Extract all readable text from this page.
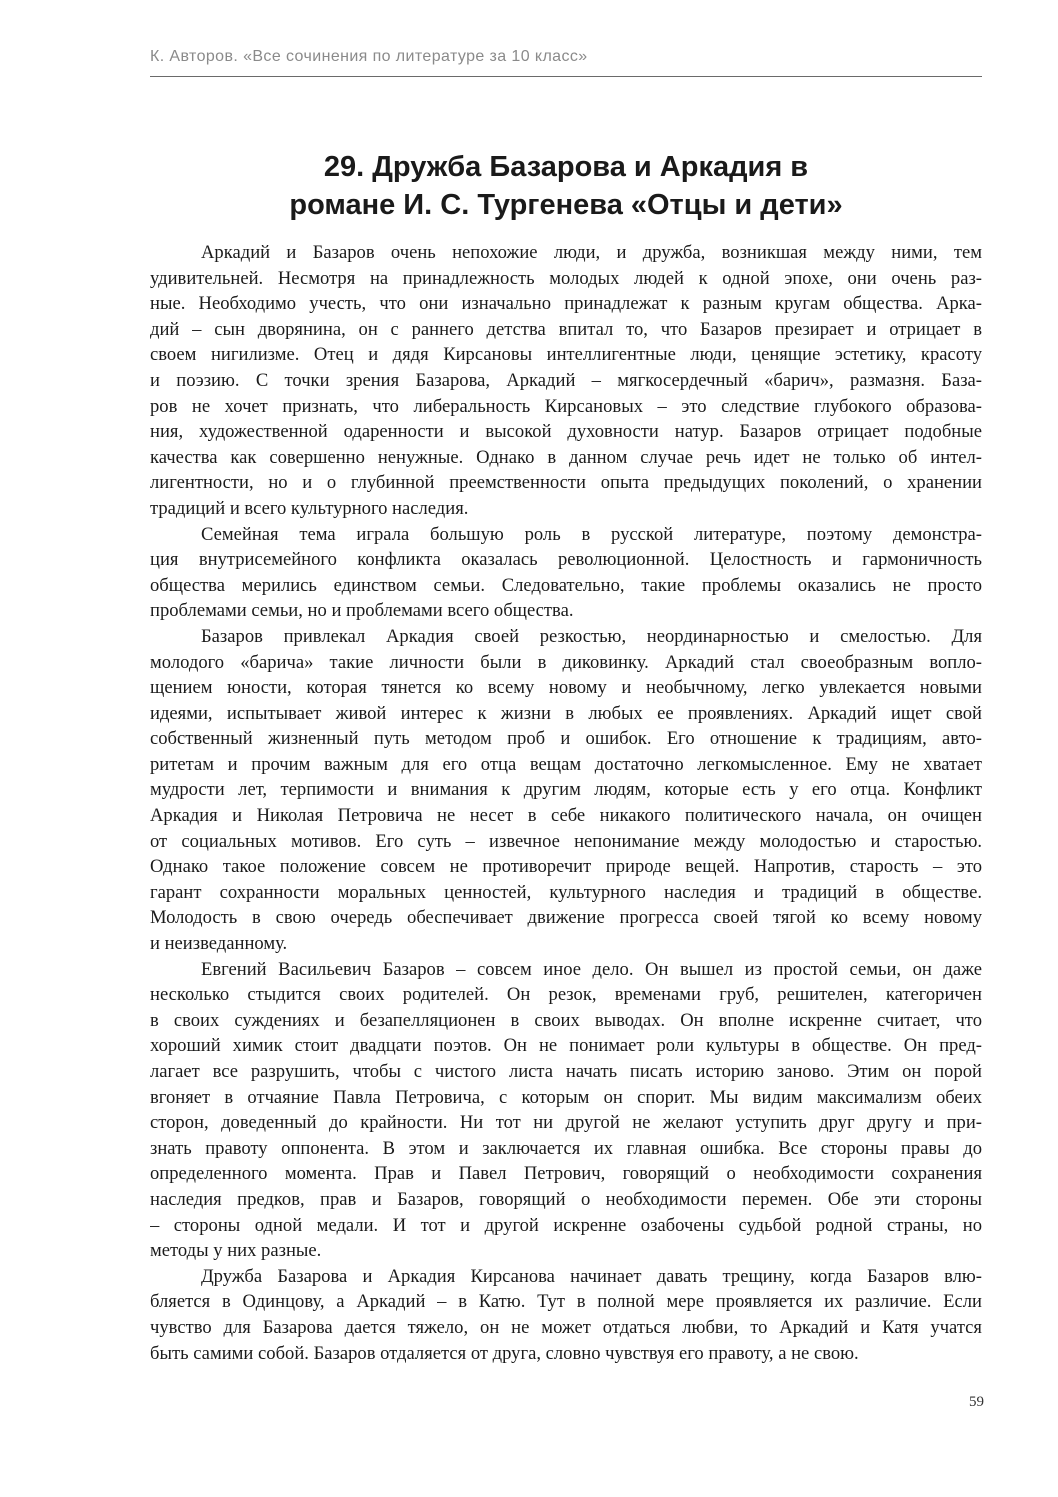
К. Авторов. «Все сочинения по литературе за 10 класс»
29. Дружба Базарова и Аркадия в
романе И. С. Тургенева «Отцы и дети»
Аркадий и Базаров очень непохожие люди, и дружба, возникшая между ними, тем
удивительней. Несмотря на принадлежность молодых людей к одной эпохе, они очень раз-
ные. Необходимо учесть, что они изначально принадлежат к разным кругам общества. Арка-
дий – сын дворянина, он с раннего детства впитал то, что Базаров презирает и отрицает в
своем нигилизме. Отец и дядя Кирсановы интеллигентные люди, ценящие эстетику, красоту
и поэзию. С точки зрения Базарова, Аркадий – мягкосердечный «барич», размазня. База-
ров не хочет признать, что либеральность Кирсановых – это следствие глубокого образова-
ния, художественной одаренности и высокой духовности натур. Базаров отрицает подобные
качества как совершенно ненужные. Однако в данном случае речь идет не только об интел-
лигентности, но и о глубинной преемственности опыта предыдущих поколений, о хранении
традиций и всего культурного наследия.
Семейная тема играла большую роль в русской литературе, поэтому демонстра-
ция внутрисемейного конфликта оказалась революционной. Целостность и гармоничность
общества мерились единством семьи. Следовательно, такие проблемы оказались не просто
проблемами семьи, но и проблемами всего общества.
Базаров привлекал Аркадия своей резкостью, неординарностью и смелостью. Для
молодого «барича» такие личности были в диковинку. Аркадий стал своеобразным вопло-
щением юности, которая тянется ко всему новому и необычному, легко увлекается новыми
идеями, испытывает живой интерес к жизни в любых ее проявлениях. Аркадий ищет свой
собственный жизненный путь методом проб и ошибок. Его отношение к традициям, авто-
ритетам и прочим важным для его отца вещам достаточно легкомысленное. Ему не хватает
мудрости лет, терпимости и внимания к другим людям, которые есть у его отца. Конфликт
Аркадия и Николая Петровича не несет в себе никакого политического начала, он очищен
от социальных мотивов. Его суть – извечное непонимание между молодостью и старостью.
Однако такое положение совсем не противоречит природе вещей. Напротив, старость – это
гарант сохранности моральных ценностей, культурного наследия и традиций в обществе.
Молодость в свою очередь обеспечивает движение прогресса своей тягой ко всему новому
и неизведанному.
Евгений Васильевич Базаров – совсем иное дело. Он вышел из простой семьи, он даже
несколько стыдится своих родителей. Он резок, временами груб, решителен, категоричен
в своих суждениях и безапелляционен в своих выводах. Он вполне искренне считает, что
хороший химик стоит двадцати поэтов. Он не понимает роли культуры в обществе. Он пред-
лагает все разрушить, чтобы с чистого листа начать писать историю заново. Этим он порой
вгоняет в отчаяние Павла Петровича, с которым он спорит. Мы видим максимализм обеих
сторон, доведенный до крайности. Ни тот ни другой не желают уступить друг другу и при-
знать правоту оппонента. В этом и заключается их главная ошибка. Все стороны правы до
определенного момента. Прав и Павел Петрович, говорящий о необходимости сохранения
наследия предков, прав и Базаров, говорящий о необходимости перемен. Обе эти стороны
– стороны одной медали. И тот и другой искренне озабочены судьбой родной страны, но
методы у них разные.
Дружба Базарова и Аркадия Кирсанова начинает давать трещину, когда Базаров влю-
бляется в Одинцову, а Аркадий – в Катю. Тут в полной мере проявляется их различие. Если
чувство для Базарова дается тяжело, он не может отдаться любви, то Аркадий и Катя учатся
быть самими собой. Базаров отдаляется от друга, словно чувствуя его правоту, а не свою.
59
